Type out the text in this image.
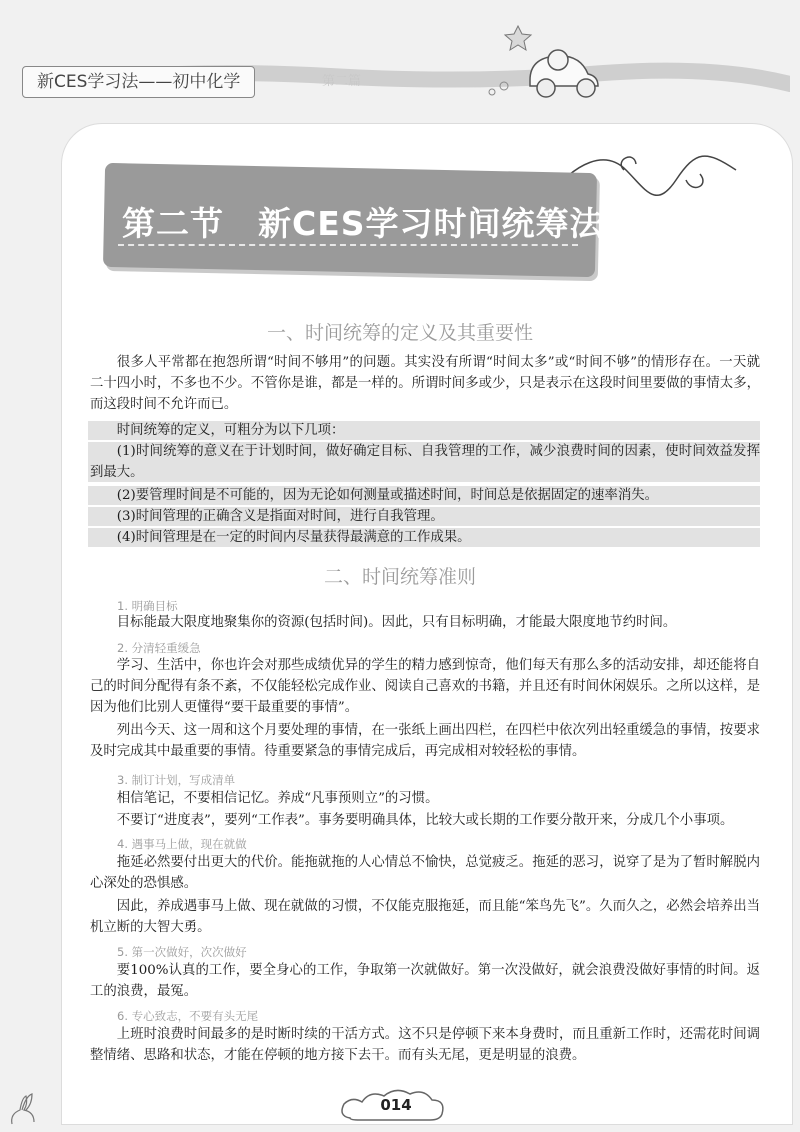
新CES学习法——初中化学	第二篇
第二节　新CES学习时间统筹法
一、时间统筹的定义及其重要性

很多人平常都在抱怨所谓“时间不够用”的问题。其实没有所谓“时间太多”或“时间不够”的情形存在。一天就二十四小时，不多也不少。不管你是谁，都是一样的。所谓时间多或少，只是表示在这段时间里要做的事情太多，而这段时间不允许而已。

时间统筹的定义，可粗分为以下几项：

(1)时间统筹的意义在于计划时间，做好确定目标、自我管理的工作，减少浪费时间的因素，使时间效益发挥到最大。

(2)要管理时间是不可能的，因为无论如何测量或描述时间，时间总是依据固定的速率消失。

(3)时间管理的正确含义是指面对时间，进行自我管理。

(4)时间管理是在一定的时间内尽量获得最满意的工作成果。

二、时间统筹准则
1. 明确目标

目标能最大限度地聚集你的资源(包括时间)。因此，只有目标明确，才能最大限度地节约时间。

2. 分清轻重缓急

学习、生活中，你也许会对那些成绩优异的学生的精力感到惊奇，他们每天有那么多的活动安排，却还能将自己的时间分配得有条不紊，不仅能轻松完成作业、阅读自己喜欢的书籍，并且还有时间休闲娱乐。之所以这样，是因为他们比别人更懂得“要干最重要的事情”。

列出今天、这一周和这个月要处理的事情，在一张纸上画出四栏，在四栏中依次列出轻重缓急的事情，按要求及时完成其中最重要的事情。待重要紧急的事情完成后，再完成相对较轻松的事情。

3. 制订计划，写成清单

相信笔记，不要相信记忆。养成“凡事预则立”的习惯。

不要订“进度表”，要列“工作表”。事务要明确具体，比较大或长期的工作要分散开来，分成几个小事项。

4. 遇事马上做，现在就做

拖延必然要付出更大的代价。能拖就拖的人心情总不愉快，总觉疲乏。拖延的恶习，说穿了是为了暂时解脱内心深处的恐惧感。

因此，养成遇事马上做、现在就做的习惯，不仅能克服拖延，而且能“笨鸟先飞”。久而久之，必然会培养出当机立断的大智大勇。

5. 第一次做好，次次做好

要100%认真的工作，要全身心的工作，争取第一次就做好。第一次没做好，就会浪费没做好事情的时间。返工的浪费，最冤。

6. 专心致志，不要有头无尾

上班时浪费时间最多的是时断时续的干活方式。这不只是停顿下来本身费时，而且重新工作时，还需花时间调整情绪、思路和状态，才能在停顿的地方接下去干。而有头无尾，更是明显的浪费。

014
